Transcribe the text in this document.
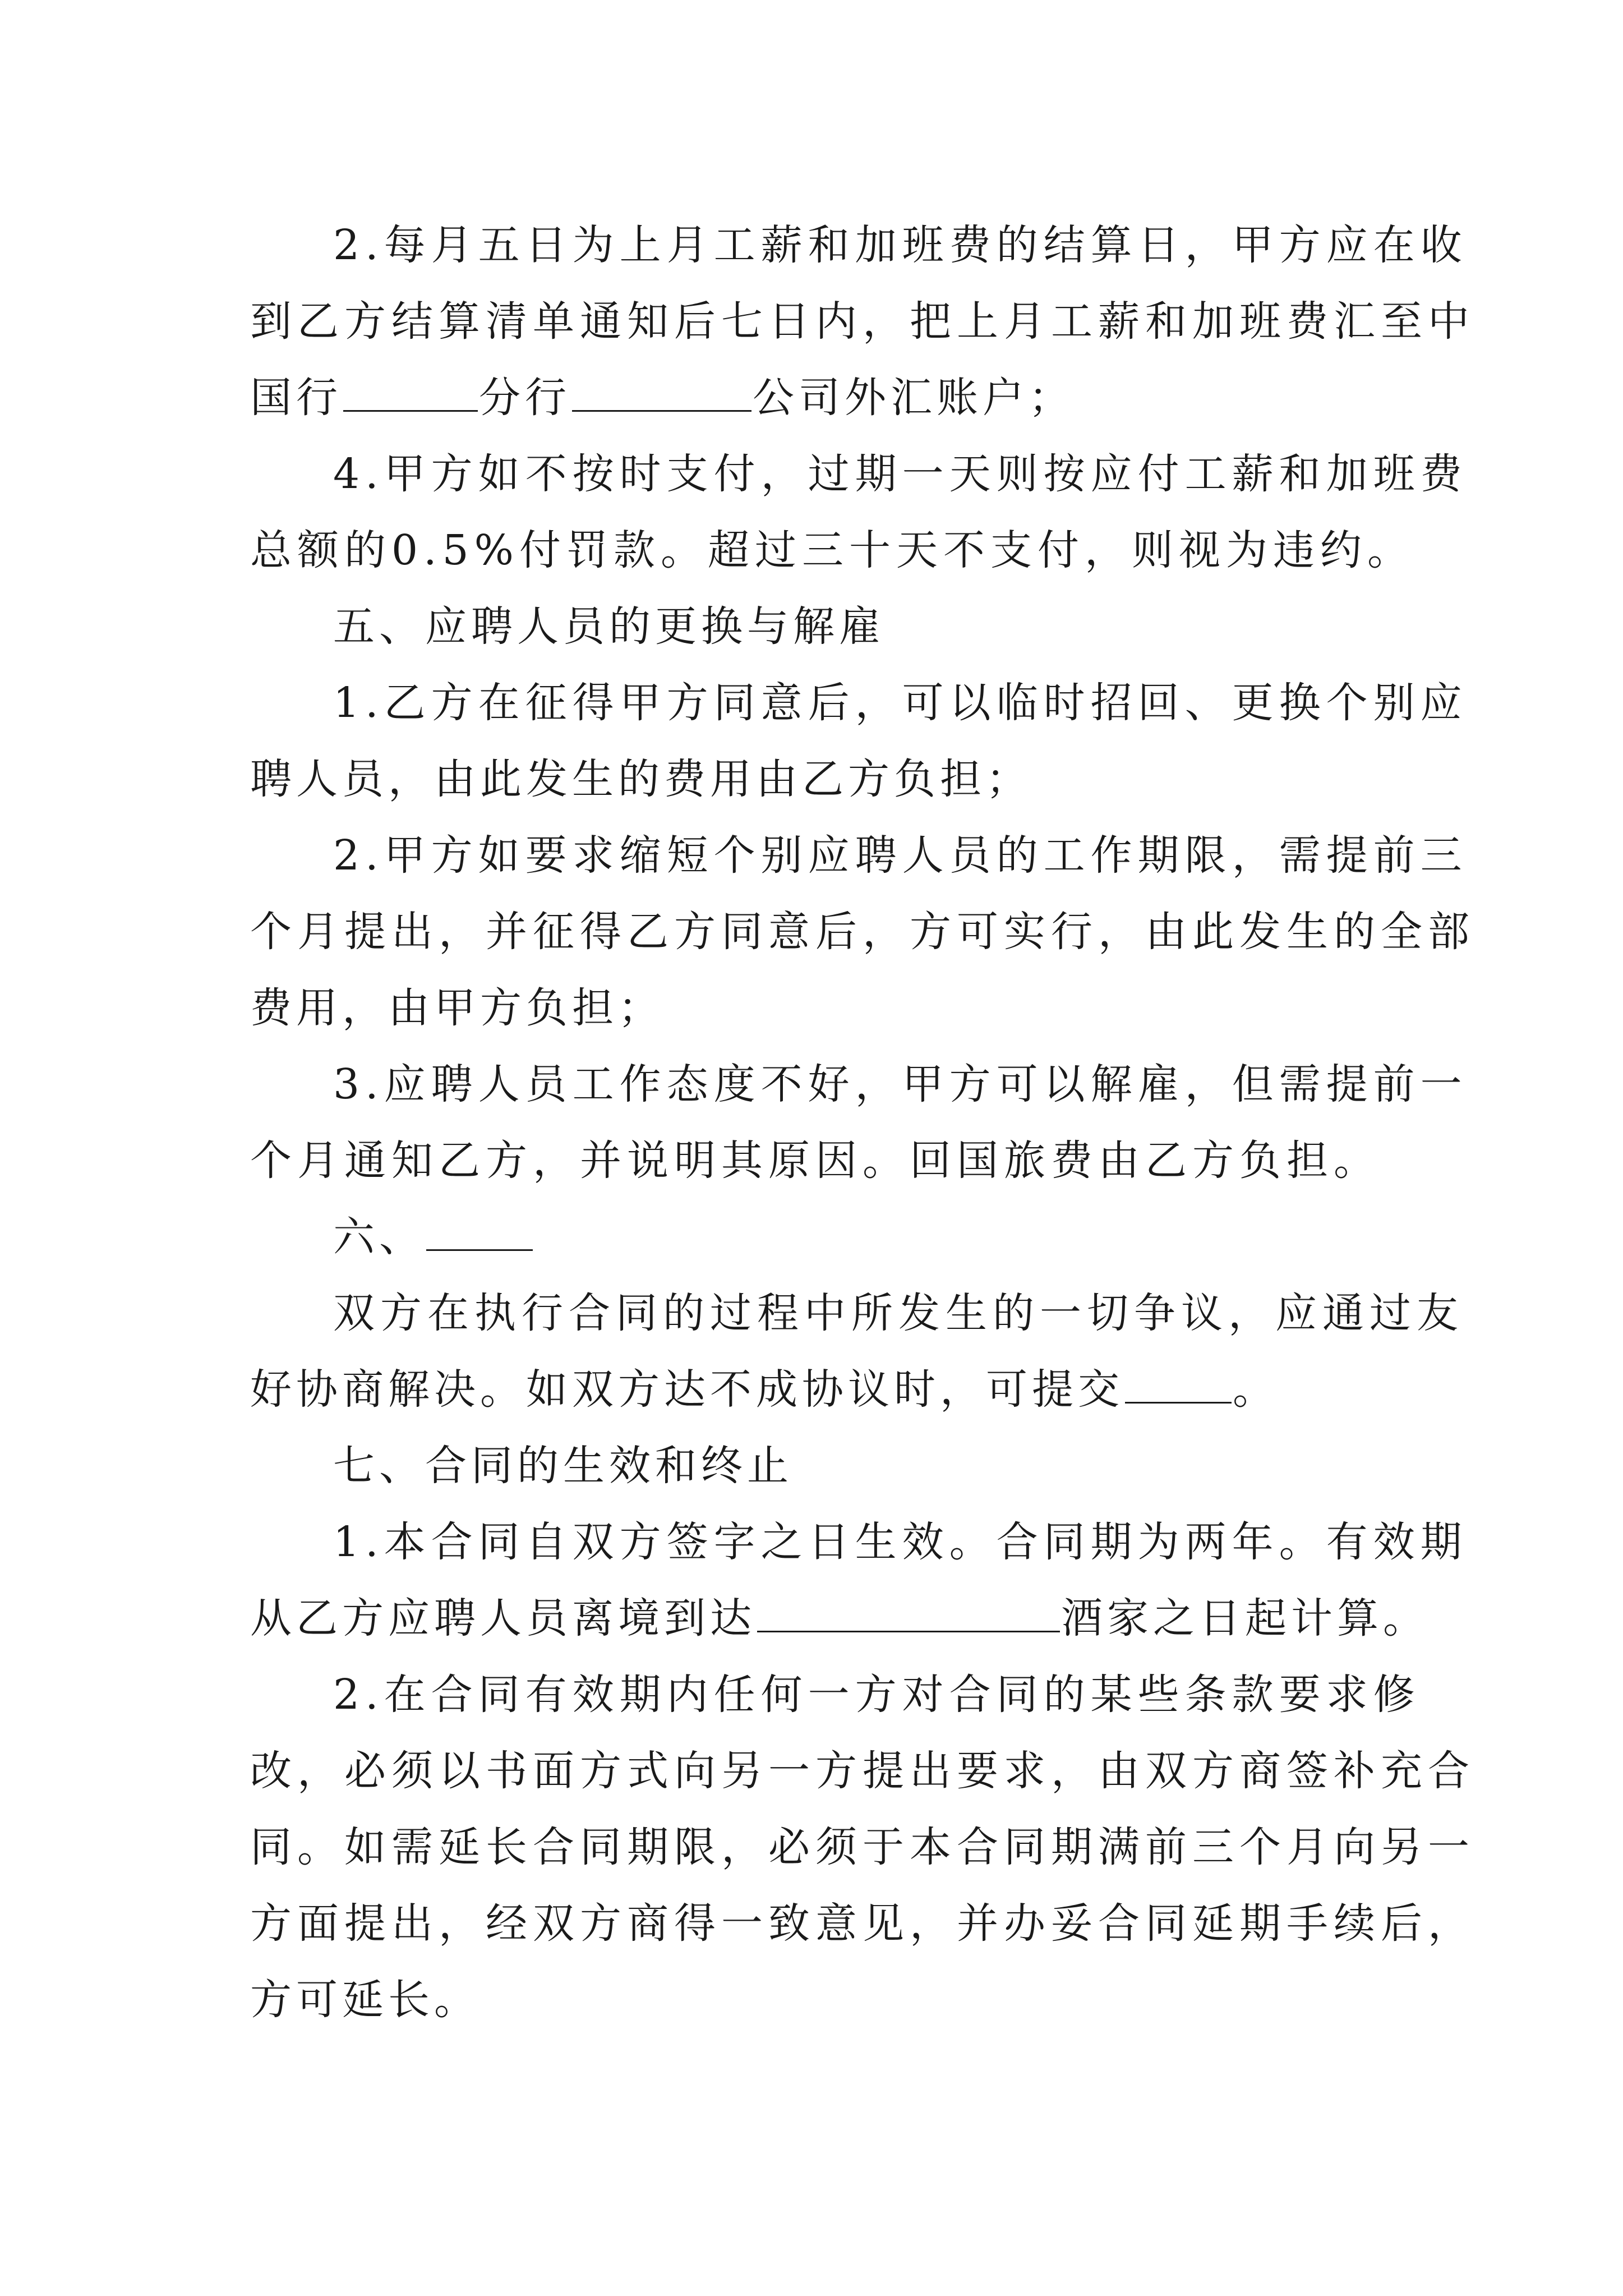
2.每月五日为上月工薪和加班费的结算日，甲方应在收

到乙方结算清单通知后七日内，把上月工薪和加班费汇至中

国行	分行	公司外汇账户；

4.甲方如不按时支付，过期一天则按应付工薪和加班费

总额的0.5%付罚款。超过三十天不支付，则视为违约。

五、应聘人员的更换与解雇

1.乙方在征得甲方同意后，可以临时招回、更换个别应

聘人员，由此发生的费用由乙方负担；

2.甲方如要求缩短个别应聘人员的工作期限，需提前三

个月提出，并征得乙方同意后，方可实行，由此发生的全部

费用，由甲方负担；

3.应聘人员工作态度不好，甲方可以解雇，但需提前一

个月通知乙方，并说明其原因。回国旅费由乙方负担。

六、

双方在执行合同的过程中所发生的一切争议，应通过友

好协商解决。如双方达不成协议时，可提交	。

七、合同的生效和终止

1.本合同自双方签字之日生效。合同期为两年。有效期

从乙方应聘人员离境到达	酒家之日起计算。

2.在合同有效期内任何一方对合同的某些条款要求修

改，必须以书面方式向另一方提出要求，由双方商签补充合

同。如需延长合同期限，必须于本合同期满前三个月向另一

方面提出，经双方商得一致意见，并办妥合同延期手续后，

方可延长。
